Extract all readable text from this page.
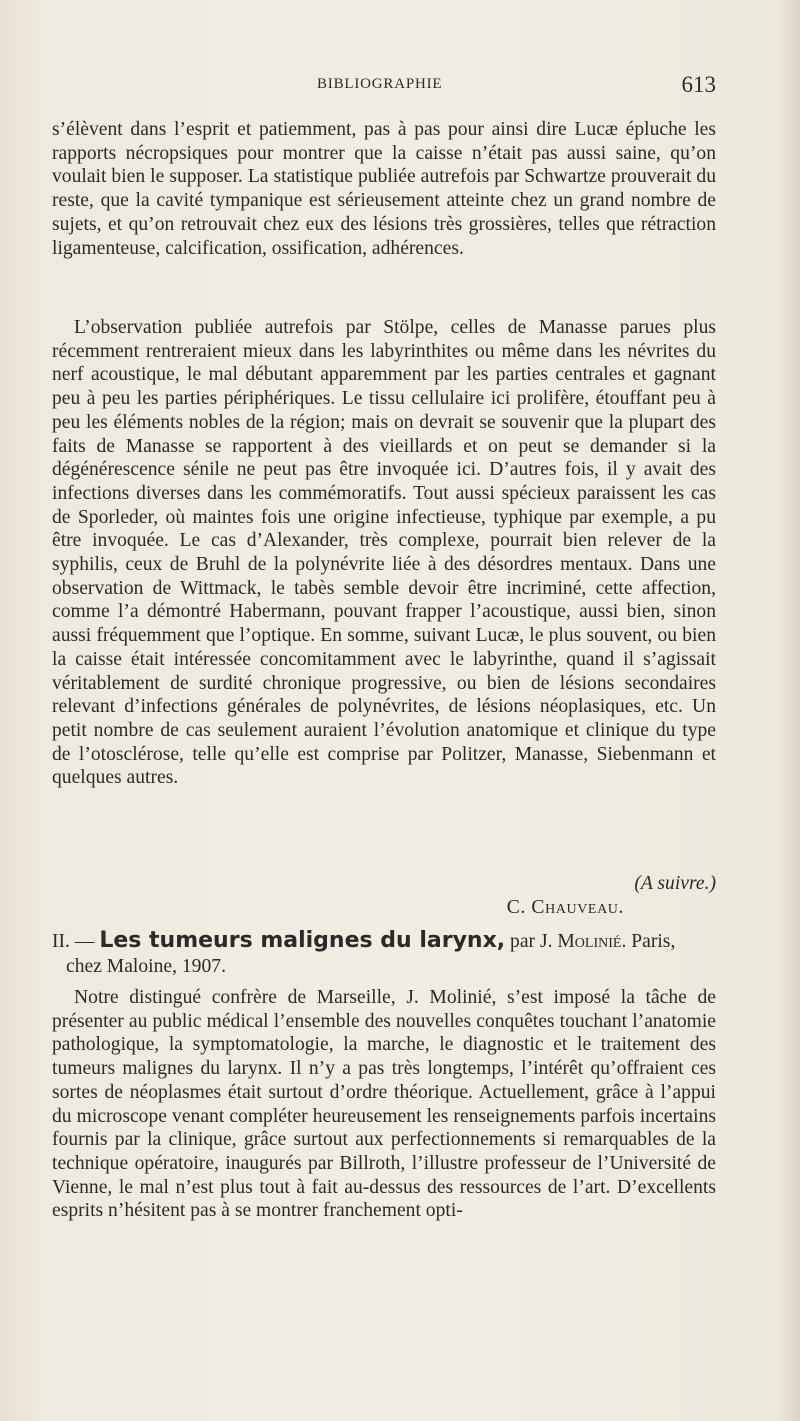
BIBLIOGRAPHIE	613

s’élèvent dans l’esprit et patiemment, pas à pas pour ainsi dire Lucæ épluche les rapports nécropsiques pour montrer que la caisse n’était pas aussi saine, qu’on voulait bien le supposer. La statistique publiée autrefois par Schwartze prouverait du reste, que la cavité tympanique est sérieusement atteinte chez un grand nombre de sujets, et qu’on retrouvait chez eux des lésions très grossières, telles que rétraction ligamenteuse, calcification, ossification, adhérences.

L’observation publiée autrefois par Stölpe, celles de Manasse parues plus récemment rentreraient mieux dans les labyrinthites ou même dans les névrites du nerf acoustique, le mal débutant apparemment par les parties centrales et gagnant peu à peu les parties périphériques. Le tissu cellulaire ici prolifère, étouffant peu à peu les éléments nobles de la région; mais on devrait se souvenir que la plupart des faits de Manasse se rapportent à des vieillards et on peut se demander si la dégénérescence sénile ne peut pas être invoquée ici. D’autres fois, il y avait des infections diverses dans les commémoratifs. Tout aussi spécieux paraissent les cas de Sporleder, où maintes fois une origine infectieuse, typhique par exemple, a pu être invoquée. Le cas d’Alexander, très complexe, pourrait bien relever de la syphilis, ceux de Bruhl de la polynévrite liée à des désordres mentaux. Dans une observation de Wittmack, le tabès semble devoir être incriminé, cette affection, comme l’a démontré Habermann, pouvant frapper l’acoustique, aussi bien, sinon aussi fréquemment que l’optique. En somme, suivant Lucæ, le plus souvent, ou bien la caisse était intéressée concomitamment avec le labyrinthe, quand il s’agissait véritablement de surdité chronique progressive, ou bien de lésions secondaires relevant d’infections générales de polynévrites, de lésions néoplasiques, etc. Un petit nombre de cas seulement auraient l’évolution anatomique et clinique du type de l’otosclérose, telle qu’elle est comprise par Politzer, Manasse, Siebenmann et quelques autres.

(A suivre.)
C. Chauveau.
II. — Les tumeurs malignes du larynx, par J. Molinié. Paris,
chez Maloine, 1907.

Notre distingué confrère de Marseille, J. Molinié, s’est imposé la tâche de présenter au public médical l’ensemble des nouvelles conquêtes touchant l’anatomie pathologique, la symptomatologie, la marche, le diagnostic et le traitement des tumeurs malignes du larynx. Il n’y a pas très longtemps, l’intérêt qu’offraient ces sortes de néoplasmes était surtout d’ordre théorique. Actuellement, grâce à l’appui du microscope venant compléter heureusement les renseignements parfois incertains fournis par la clinique, grâce surtout aux perfectionnements si remarquables de la technique opératoire, inaugurés par Billroth, l’illustre professeur de l’Université de Vienne, le mal n’est plus tout à fait au-dessus des ressources de l’art. D’excellents esprits n’hésitent pas à se montrer franchement opti-
